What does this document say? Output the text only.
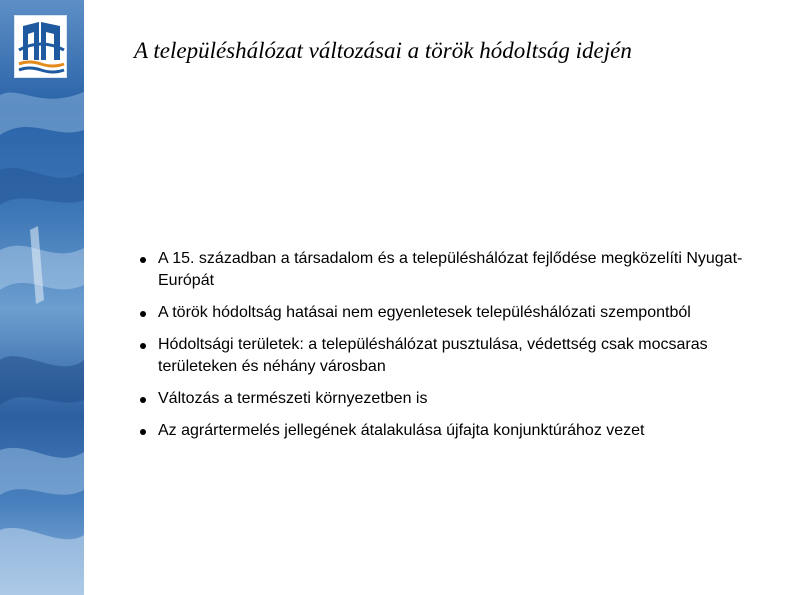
A településhálózat változásai a török hódoltság idején
A 15. században a társadalom és a településhálózat fejlődése megközelíti Nyugat-Európát
A török hódoltság hatásai nem egyenletesek településhálózati szempontból
Hódoltsági területek: a településhálózat pusztulása, védettség csak mocsaras területeken és néhány városban
Változás a természeti környezetben is
Az agrártermelés jellegének átalakulása újfajta konjunktúrához vezet
